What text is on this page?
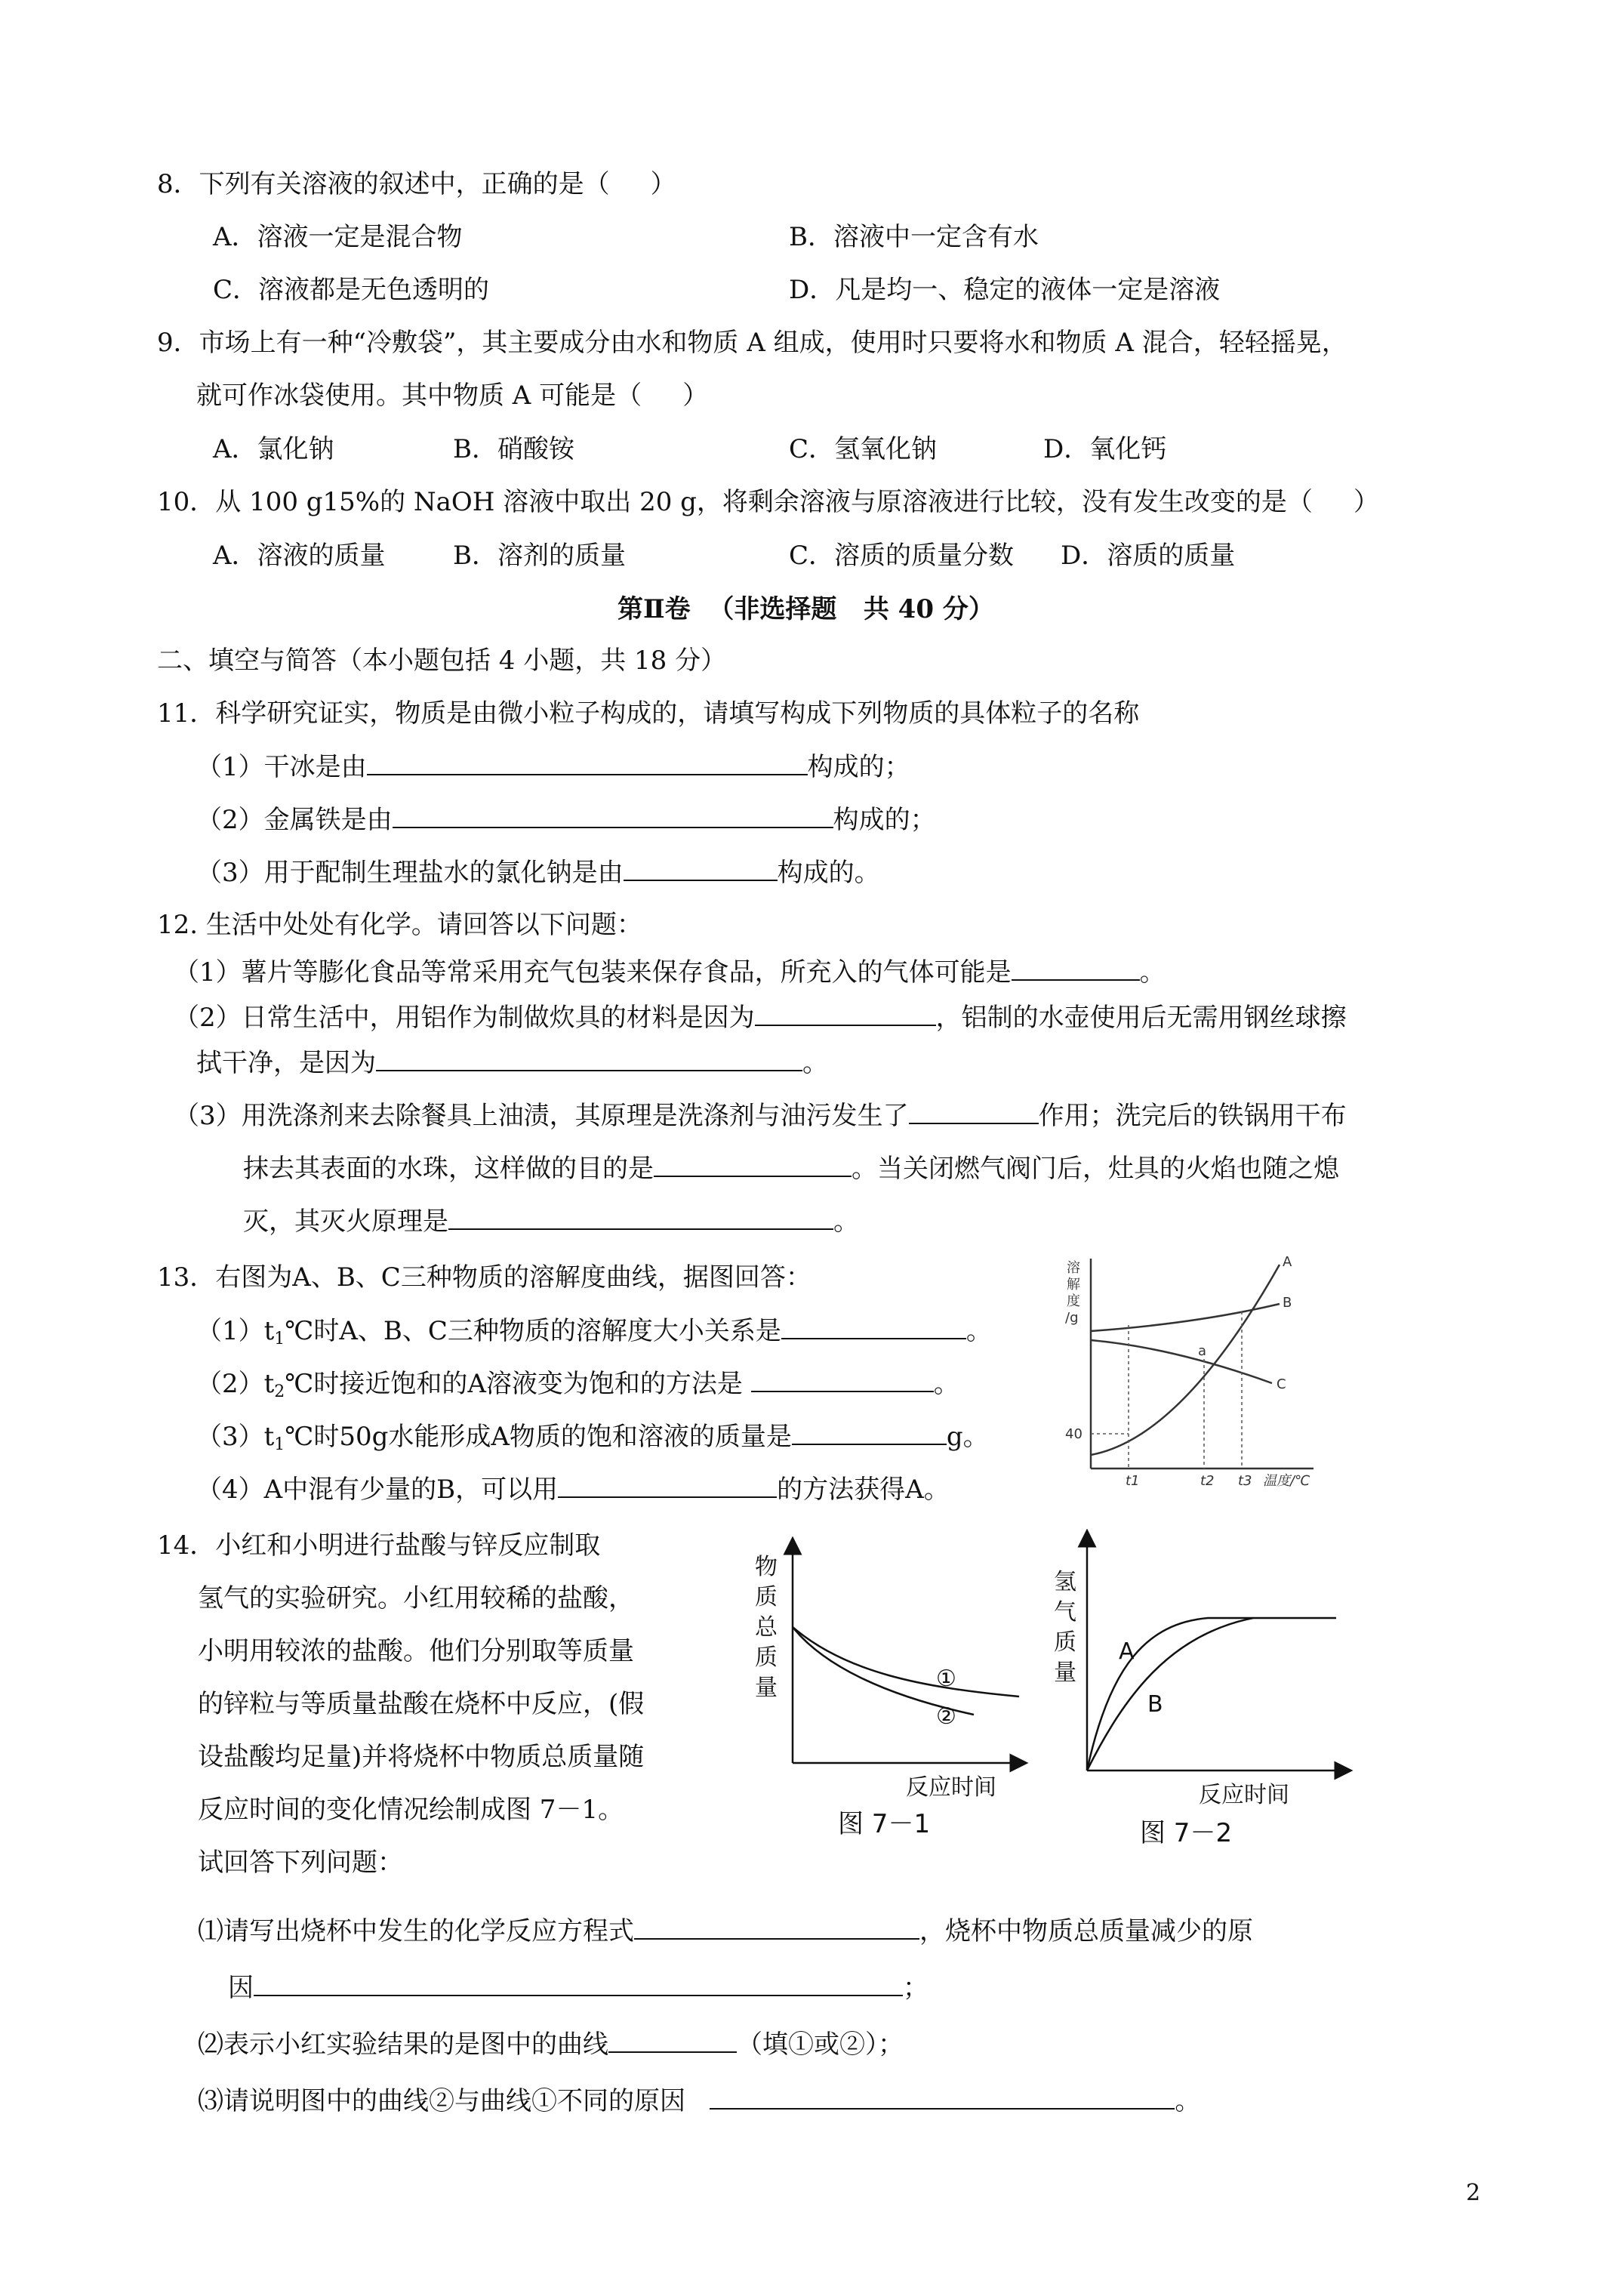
8．下列有关溶液的叙述中，正确的是（     ）
A．溶液一定是混合物	B．溶液中一定含有水
C．溶液都是无色透明的	D．凡是均一、稳定的液体一定是溶液
9．市场上有一种“冷敷袋”，其主要成分由水和物质 A 组成，使用时只要将水和物质 A 混合，轻轻摇晃，
就可作冰袋使用。其中物质 A 可能是（     ）
A．氯化钠	B．硝酸铵	C．氢氧化钠	D．氧化钙
10．从 100 g15%的 NaOH 溶液中取出 20 g，将剩余溶液与原溶液进行比较，没有发生改变的是（     ）
A．溶液的质量	B．溶剂的质量	C．溶质的质量分数 D．溶质的质量
第Ⅱ卷  （非选择题   共 40 分）
二、填空与简答（本小题包括 4 小题，共 18 分）
11．科学研究证实，物质是由微小粒子构成的，请填写构成下列物质的具体粒子的名称
（1）干冰是由	构成的；
（2）金属铁是由	构成的；
（3）用于配制生理盐水的氯化钠是由	构成的。
12. 生活中处处有化学。请回答以下问题：
（1）薯片等膨化食品等常采用充气包装来保存食品，所充入的气体可能是	。
（2）日常生活中，用铝作为制做炊具的材料是因为	，铝制的水壶使用后无需用钢丝球擦
拭干净，是因为	。
（3）用洗涤剂来去除餐具上油渍，其原理是洗涤剂与油污发生了	作用；洗完后的铁锅用干布
抹去其表面的水珠，这样做的目的是	。当关闭燃气阀门后，灶具的火焰也随之熄
灭，其灭火原理是	。
13．右图为A、B、C三种物质的溶解度曲线，据图回答：
$(1)t_1℃$时A、B、C三种物质的溶解度大小关系是	。
$(2)t_2℃$时接近饱和的A溶液变为饱和的方法是	。
$(3)t_1℃$时50g水能形成A物质的饱和溶液的质量是	g。
（4）A中混有少量的B，可以用	的方法获得A。
溶
解
度
/g
40
t1	t2 t3 温度/℃
A
B
C
a
14．小红和小明进行盐酸与锌反应制取
氢气的实验研究。小红用较稀的盐酸，
小明用较浓的盐酸。他们分别取等质量
的锌粒与等质量盐酸在烧杯中反应，(假
设盐酸均足量)并将烧杯中物质总质量随
反应时间的变化情况绘制成图 7－1。
试回答下列问题：
物
质
总
质
量	①
②
反应时间
图 7－1
氢
气
质
量
A
B
反应时间
图 7－2
⑴请写出烧杯中发生的化学反应方程式	，烧杯中物质总质量减少的原
因	；
⑵表示小红实验结果的是图中的曲线	（填①或②）；
⑶请说明图中的曲线②与曲线①不同的原因	。
2
